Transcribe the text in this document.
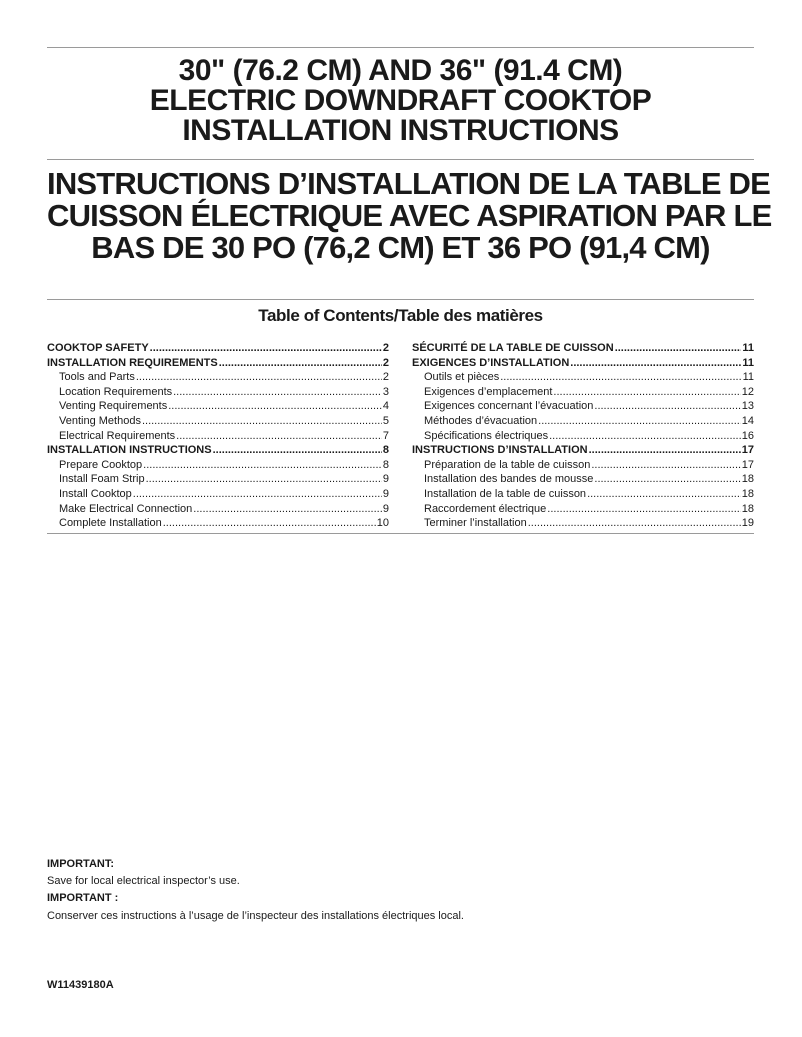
30" (76.2 CM) AND 36" (91.4 CM)
ELECTRIC DOWNDRAFT COOKTOP
INSTALLATION INSTRUCTIONS
INSTRUCTIONS D’INSTALLATION DE LA TABLE DE
CUISSON ÉLECTRIQUE AVEC ASPIRATION PAR LE
BAS DE 30 PO (76,2 CM) ET 36 PO (91,4 CM)
Table of Contents/Table des matières
COOKTOP SAFETY .....	2
INSTALLATION REQUIREMENTS .....	2
Tools and Parts .....	2
Location Requirements .....	3
Venting Requirements .....	4
Venting Methods .....	5
Electrical Requirements .....	7
INSTALLATION INSTRUCTIONS .....	8
Prepare Cooktop .....	8
Install Foam Strip .....	9
Install Cooktop .....	9
Make Electrical Connection .....	9
Complete Installation .....	10
SÉCURITÉ DE LA TABLE DE CUISSON .....	11
EXIGENCES D’INSTALLATION .....	11
Outils et pièces .....	11
Exigences d’emplacement .....	12
Exigences concernant l’évacuation .....	13
Méthodes d’évacuation .....	14
Spécifications électriques .....	16
INSTRUCTIONS D’INSTALLATION .....	17
Préparation de la table de cuisson .....	17
Installation des bandes de mousse .....	18
Installation de la table de cuisson .....	18
Raccordement électrique .....	18
Terminer l’installation .....	19
IMPORTANT:
Save for local electrical inspector’s use.
IMPORTANT :
Conserver ces instructions à l’usage de l’inspecteur des installations électriques local.
W11439180A
